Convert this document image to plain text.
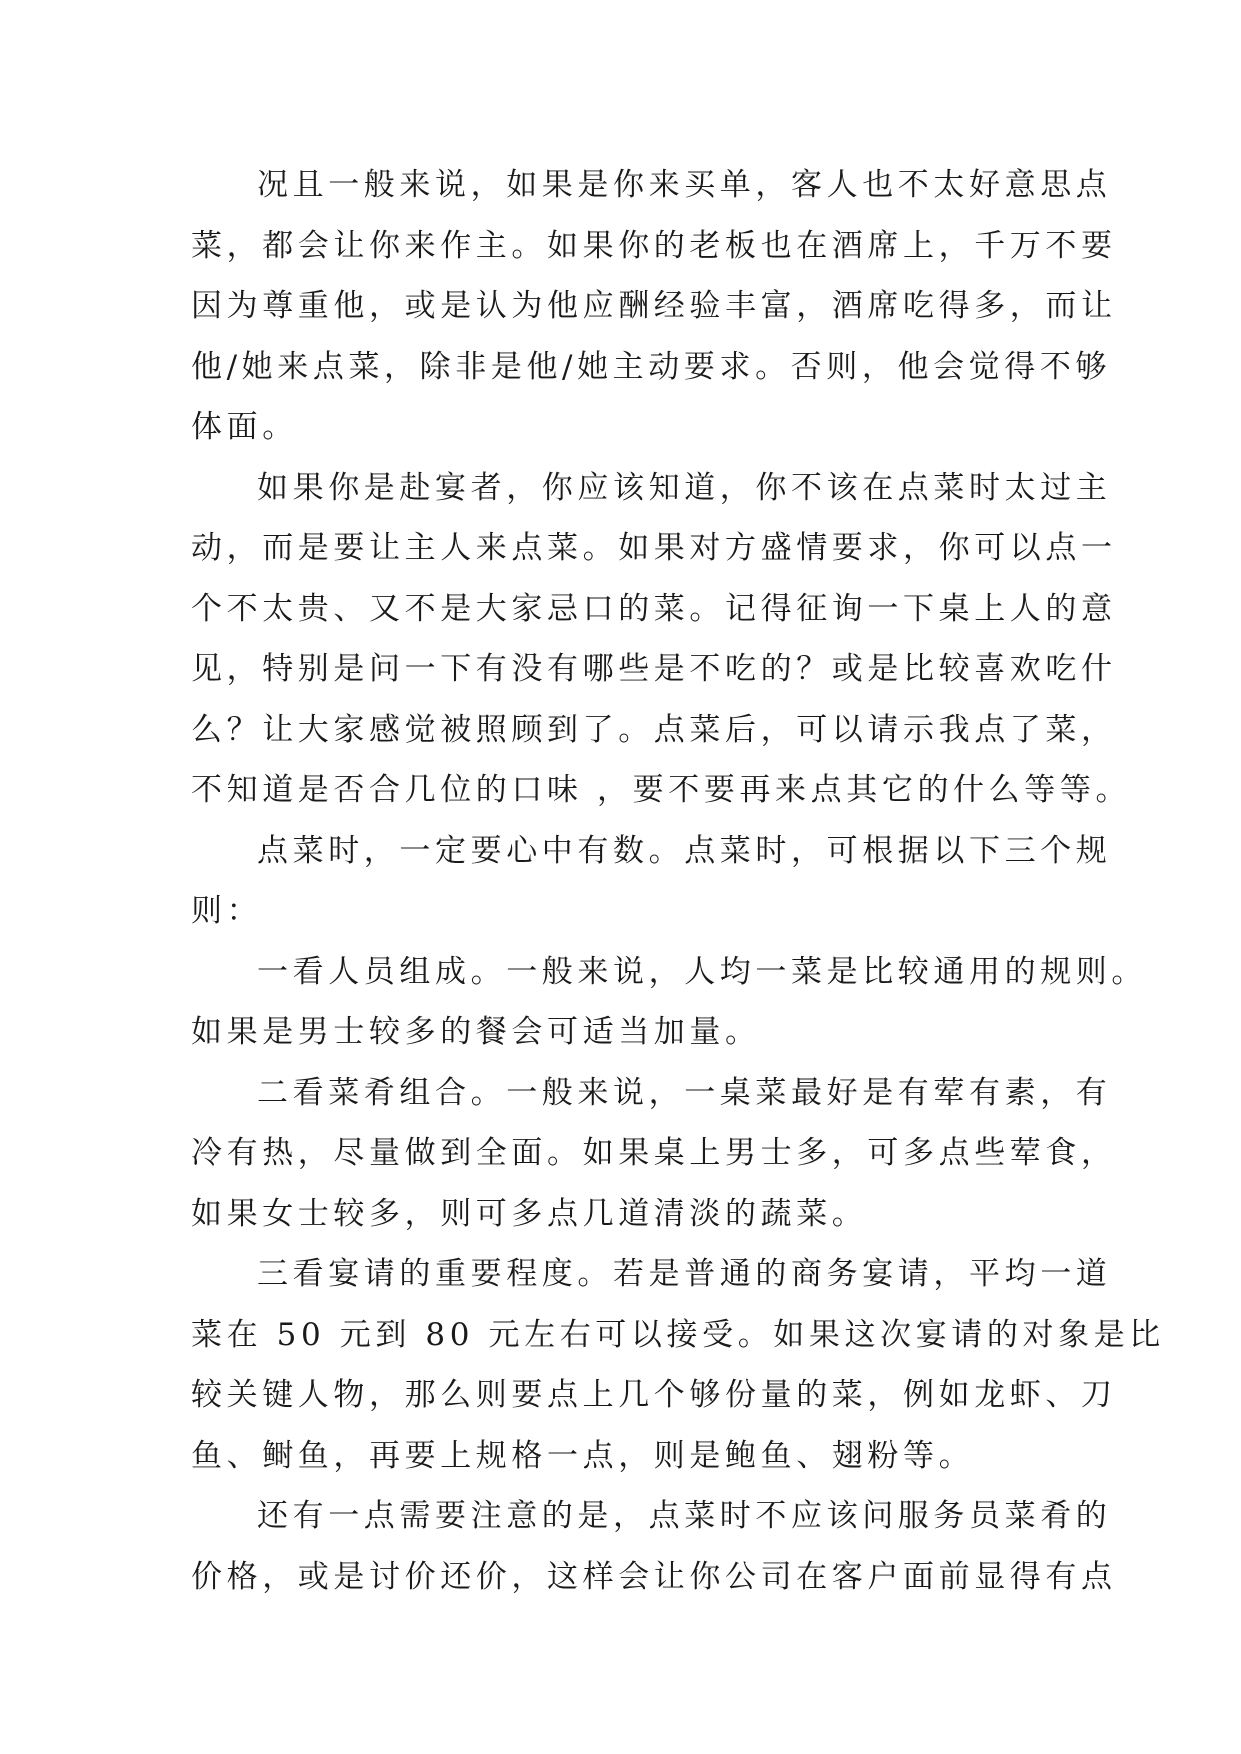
况且一般来说，如果是你来买单，客人也不太好意思点
菜，都会让你来作主。如果你的老板也在酒席上，千万不要
因为尊重他，或是认为他应酬经验丰富，酒席吃得多，而让
他/她来点菜，除非是他/她主动要求。否则，他会觉得不够
体面。
如果你是赴宴者，你应该知道，你不该在点菜时太过主
动，而是要让主人来点菜。如果对方盛情要求，你可以点一
个不太贵、又不是大家忌口的菜。记得征询一下桌上人的意
见，特别是问一下有没有哪些是不吃的？或是比较喜欢吃什
么？让大家感觉被照顾到了。点菜后，可以请示我点了菜，
不知道是否合几位的口味 ，要不要再来点其它的什么等等。
点菜时，一定要心中有数。点菜时，可根据以下三个规
则：
一看人员组成。一般来说，人均一菜是比较通用的规则。
如果是男士较多的餐会可适当加量。
二看菜肴组合。一般来说，一桌菜最好是有荤有素，有
冷有热，尽量做到全面。如果桌上男士多，可多点些荤食，
如果女士较多，则可多点几道清淡的蔬菜。
三看宴请的重要程度。若是普通的商务宴请，平均一道
菜在 50 元到 80 元左右可以接受。如果这次宴请的对象是比
较关键人物，那么则要点上几个够份量的菜，例如龙虾、刀
鱼、鲥鱼，再要上规格一点，则是鲍鱼、翅粉等。
还有一点需要注意的是，点菜时不应该问服务员菜肴的
价格，或是讨价还价，这样会让你公司在客户面前显得有点
